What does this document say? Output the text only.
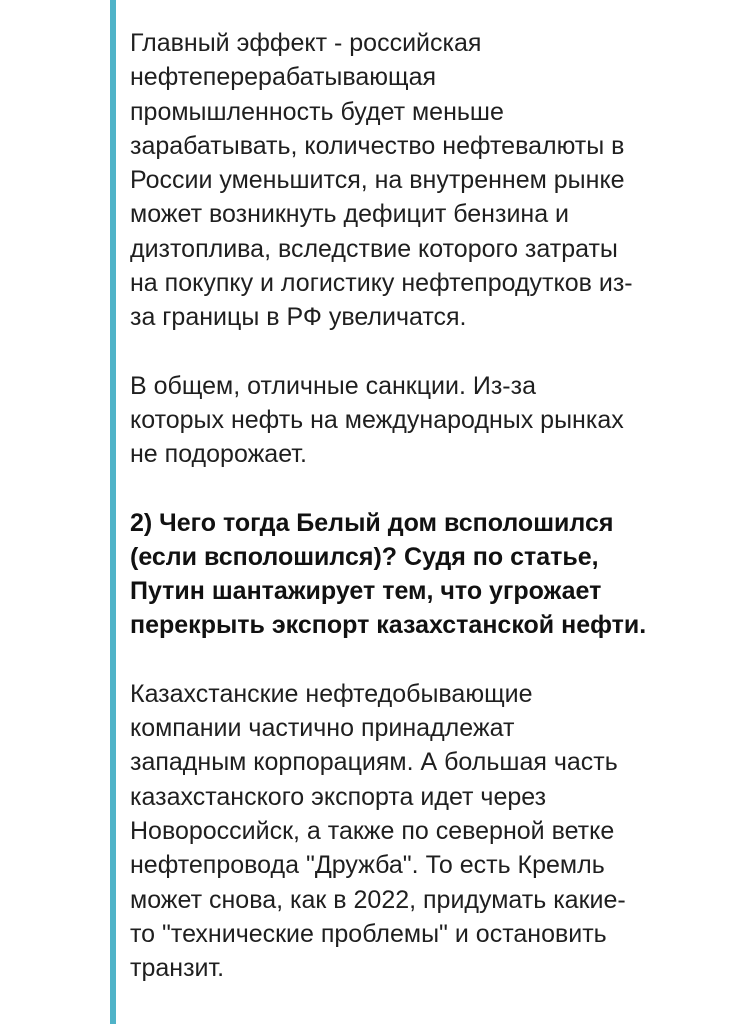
Главный эффект - российская
нефтеперерабатывающая
промышленность будет меньше
зарабатывать, количество нефтевалюты в
России уменьшится, на внутреннем рынке
может возникнуть дефицит бензина и
дизтоплива, вследствие которого затраты
на покупку и логистику нефтепродутков из-
за границы в РФ увеличатся.

В общем, отличные санкции. Из-за
которых нефть на международных рынках
не подорожает.

2) Чего тогда Белый дом всполошился
(если всполошился)? Судя по статье,
Путин шантажирует тем, что угрожает
перекрыть экспорт казахстанской нефти.

Казахстанские нефтедобывающие
компании частично принадлежат
западным корпорациям. А большая часть
казахстанского экспорта идет через
Новороссийск, а также по северной ветке
нефтепровода "Дружба". То есть Кремль
может снова, как в 2022, придумать какие-
то "технические проблемы" и остановить
транзит.
